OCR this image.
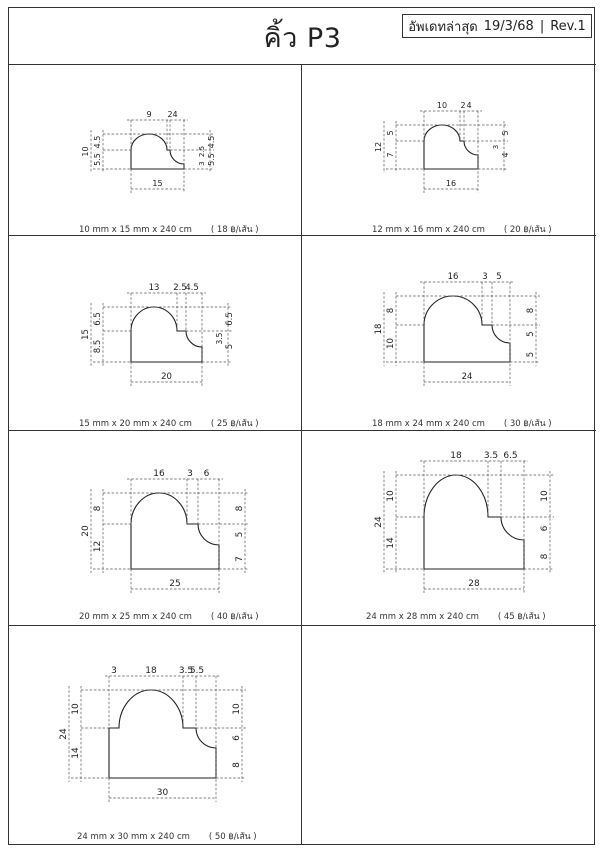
คิ้ว P3	อัพเดทล่าสุด 19/3/68 | Rev.1
9 2 4
10
4.5
5.5
4.5
5.5
2.5
3
15
10 mm x 15 mm x 240 cm ( 18 ฿/เส้น )
10 2 4
12
5
7
5
4
3
16
12 mm x 16 mm x 240 cm ( 20 ฿/เส้น )
13 2.5
4.5
15
6.5
8.5
6.5
5
3.5
20
15 mm x 20 mm x 240 cm ( 25 ฿/เส้น )
16	3 5
18
8
10
8
5
5
24
18 mm x 24 mm x 240 cm ( 30 ฿/เส้น )
16 3 6
20
8
12
8
5
7
25
20 mm x 25 mm x 240 cm ( 40 ฿/เส้น )
18 3.5 6.5
24
10
14
10
6
8
28
24 mm x 28 mm x 240 cm ( 45 ฿/เส้น )
3	18 3.5
5.5
24
10
14
10
6
8
30
24 mm x 30 mm x 240 cm ( 50 ฿/เส้น )
